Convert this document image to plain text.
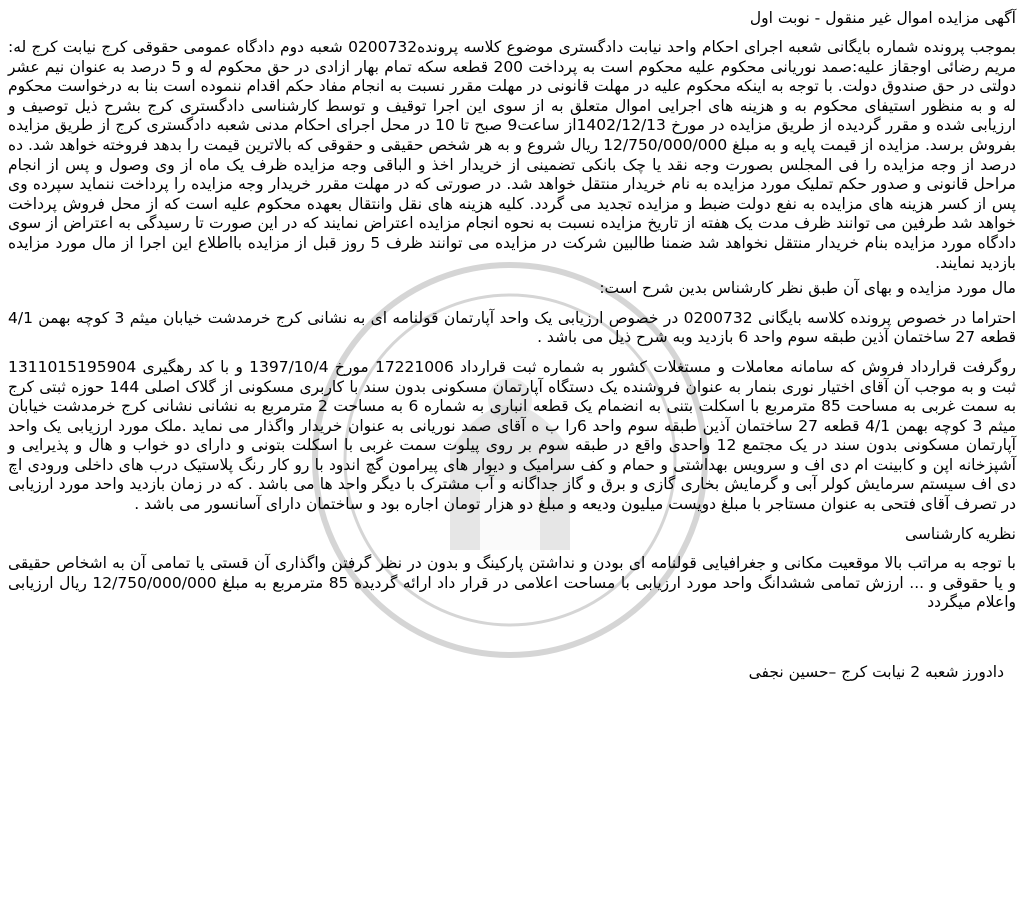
آگهی مزایده اموال غیر منقول - نوبت اول

بموجب پرونده شماره بایگانی شعبه اجرای احکام واحد نیابت دادگستری موضوع کلاسه پرونده0200732 شعبه دوم دادگاه عمومی حقوقی کرج نیابت کرج له: مریم رضائی اوجقاز علیه:صمد نوریانی محکوم علیه محکوم است به پرداخت 200 قطعه سکه تمام بهار ازادی در حق محکوم له و 5 درصد به عنوان نیم عشر دولتی در حق صندوق دولت. با توجه به اینکه محکوم علیه در مهلت قانونی در مهلت مقرر نسبت به انجام مفاد حکم اقدام ننموده است بنا به درخواست محکوم له و به منظور استیفای محکوم به و هزینه های اجرایی اموال متعلق به از سوی این اجرا توقیف و توسط کارشناسی دادگستری کرج بشرح ذیل توصیف و ارزیابی شده و مقرر گردیده از طریق مزایده در مورخ 1402/12/13از ساعت9 صبح تا 10 در محل اجرای احکام مدنی شعبه دادگستری کرج از طریق مزایده بفروش برسد. مزایده از قیمت پایه و به مبلغ 12/750/000/000 ریال شروع و به هر شخص حقیقی و حقوقی که بالاترین قیمت را بدهد فروخته خواهد شد. ده درصد از وجه مزایده را فی المجلس بصورت وجه نقد یا چک بانکی تضمینی از خریدار اخذ و الباقی وجه مزایده ظرف یک ماه از وی وصول و پس از انجام مراحل قانونی و صدور حکم تملیک مورد مزایده به نام خریدار منتقل خواهد شد. در صورتی که در مهلت مقرر خریدار وجه مزایده را پرداخت ننماید سپرده وی پس از کسر هزینه های مزایده به نفع دولت ضبط و مزایده تجدید می گردد. کلیه هزینه های نقل وانتقال بعهده محکوم علیه است که از محل فروش پرداخت خواهد شد طرفین می توانند ظرف مدت یک هفته از تاریخ مزایده نسبت به نحوه انجام مزایده اعتراض نمایند که در این صورت تا رسیدگی به اعتراض از سوی دادگاه مورد مزایده بنام خریدار منتقل نخواهد شد ضمنا طالبین شرکت در مزایده می توانند ظرف 5 روز قبل از مزایده بااطلاع این اجرا از مال مورد مزایده بازدید نمایند.

مال مورد مزایده و بهای آن طبق نظر کارشناس بدین شرح است:

احتراما در خصوص پرونده کلاسه بایگانی 0200732 در خصوص ارزیابی یک واحد آپارتمان قولنامه ای به نشانی کرج خرمدشت خیابان میثم 3 کوچه بهمن 4/1 قطعه 27 ساختمان آذین طبقه سوم واحد 6 بازدید وبه شرح ذیل می باشد .

روگرفت قرارداد فروش که سامانه معاملات و مستغلات کشور به شماره ثبت قرارداد 17221006 مورخ 1397/10/4 و با کد رهگیری 1311015195904 ثبت و به موجب آن آقای اختیار نوری بنمار به عنوان فروشنده یک دستگاه آپارتمان مسکونی بدون سند با کاربری مسکونی از گلاک اصلی 144 حوزه ثبتی کرج به سمت غربی به مساحت 85 مترمربع با اسکلت بتنی به انضمام یک قطعه انباری به شماره 6 به مساحت 2 مترمربع به نشانی نشانی کرج خرمدشت خیابان میثم 3 کوچه بهمن 4/1 قطعه 27 ساختمان آذین طبقه سوم واحد 6را ب ه آقای صمد نوریانی به عنوان خریدار واگذار می نماید .ملک مورد ارزیابی یک واحد آپارتمان مسکونی بدون سند در یک مجتمع 12 واحدی واقع در طبقه سوم بر روی پیلوت سمت غربی با اسکلت بتونی و دارای دو خواب و هال و پذیرایی و آشپزخانه اپن و کابینت ام دی اف و سرویس بهداشتی و حمام و کف سرامیک و دیوار های پیرامون گچ اندود با رو کار رنگ پلاستیک درب های داخلی ورودی اچ دی اف سیستم سرمایش کولر آبی و گرمایش بخاری گازی و برق و گاز جداگانه و آب مشترک با دیگر واحد ها می باشد . که در زمان بازدید واحد مورد ارزیابی در تصرف آقای فتحی به عنوان مستاجر با مبلغ دویست میلیون ودیعه و مبلغ دو هزار تومان اجاره بود و ساختمان دارای آسانسور می باشد .

نظریه کارشناسی

با توجه به مراتب بالا موقعیت مکانی و جغرافیایی قولنامه ای بودن و نداشتن پارکینگ و بدون در نظر گرفتن واگذاری آن قستی یا تمامی آن به اشخاص حقیقی و یا حقوقی و ... ارزش تمامی ششدانگ واحد مورد ارزیابی با مساحت اعلامی در قرار داد ارائه گردیده 85 مترمربع به مبلغ 12/750/000/000 ریال ارزیابی واعلام میگردد

دادورز شعبه 2 نیابت کرج –حسین نجفی
